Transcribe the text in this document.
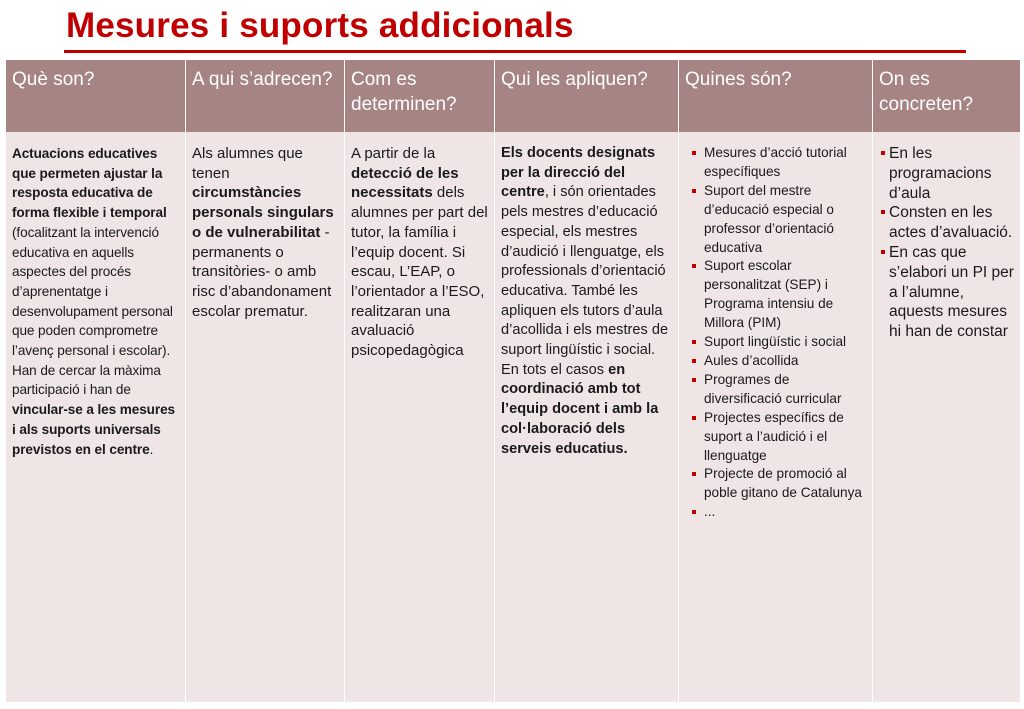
Mesures i suports addicionals
Què son?
Actuacions educatives que permeten ajustar la resposta educativa de forma flexible i temporal (focalitzant la intervenció educativa en aquells aspectes del procés d’aprenentatge i desenvolupament personal que poden comprometre l’avenç personal i escolar). Han de cercar la màxima participació i han de vincular-se a les mesures i als suports universals previstos en el centre.
A qui s’adrecen?
Als alumnes que tenen circumstàncies personals singulars o de vulnerabilitat -permanents o transitòries- o amb risc d’abandonament escolar prematur.
Com es determinen?
A partir de la detecció de les necessitats dels alumnes per part del tutor, la família i l’equip docent. Si escau, L’EAP, o l’orientador a l’ESO, realitzaran una avaluació psicopedagògica
Qui les apliquen?
Els docents designats per la direcció del centre, i són orientades pels mestres d’educació especial, els mestres d’audició i llenguatge, els professionals d’orientació educativa. També les apliquen els tutors d’aula d’acollida i els mestres de suport lingüístic i social. En tots el casos en coordinació amb tot l’equip docent i amb la col·laboració dels serveis educatius.
Quines són?
Mesures d’acció tutorial específiques
Suport del mestre d’educació especial o professor d’orientació educativa
Suport escolar personalitzat (SEP) i Programa intensiu de Millora (PIM)
Suport lingüístic i social
Aules d’acollida
Programes de diversificació curricular
Projectes específics de suport a l’audició i el llenguatge
Projecte de promoció al poble gitano de Catalunya
...
On es concreten?
En les programacions d’aula
Consten en les actes d’avaluació.
En cas que s’elabori un PI per a l’alumne, aquests mesures hi han de constar
